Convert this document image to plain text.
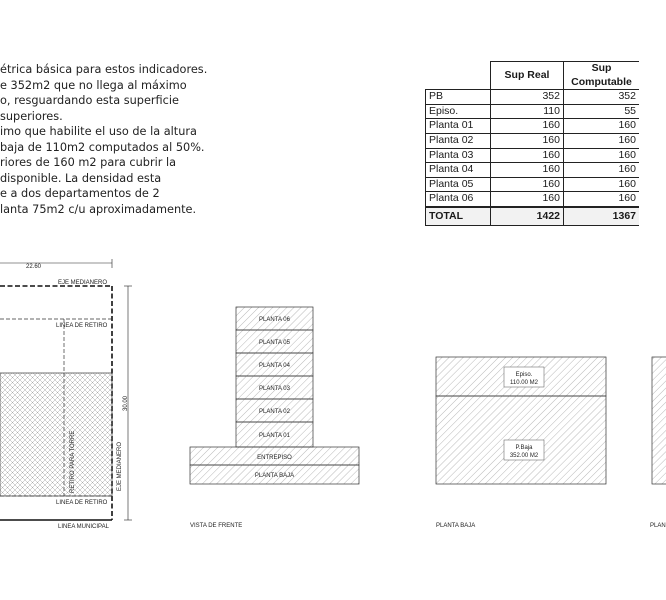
étrica básica para estos indicadores.
e 352m2 que no llega al máximo
o, resguardando esta superficie
superiores.
imo que habilite el uso de la altura
baja de 110m2 computados al 50%.
riores de 160 m2 para cubrir la
disponible. La densidad esta
e a dos departamentos de 2
lanta 75m2 c/u aproximadamente.
	Sup Real	Sup Computable
PB	352	352
Episo.	110	55
Planta 01	160	160
Planta 02	160	160
Planta 03	160	160
Planta 04	160	160
Planta 05	160	160
Planta 06	160	160
TOTAL	1422	1367
22.60
EJE MEDIANERO
30.00
LINEA DE RETIRO
RETIRO PARA TORRE	EJE MEDIANERO
LINEA DE RETIRO
LINEA MUNICIPAL
PLANTA 06
PLANTA 05
PLANTA 04
PLANTA 03
PLANTA 02
PLANTA 01
ENTREPISO
PLANTA BAJA
VISTA DE FRENTE
Episo.
110.00 M2
P.Baja
352.00 M2
PLANTA BAJA	PLAN
